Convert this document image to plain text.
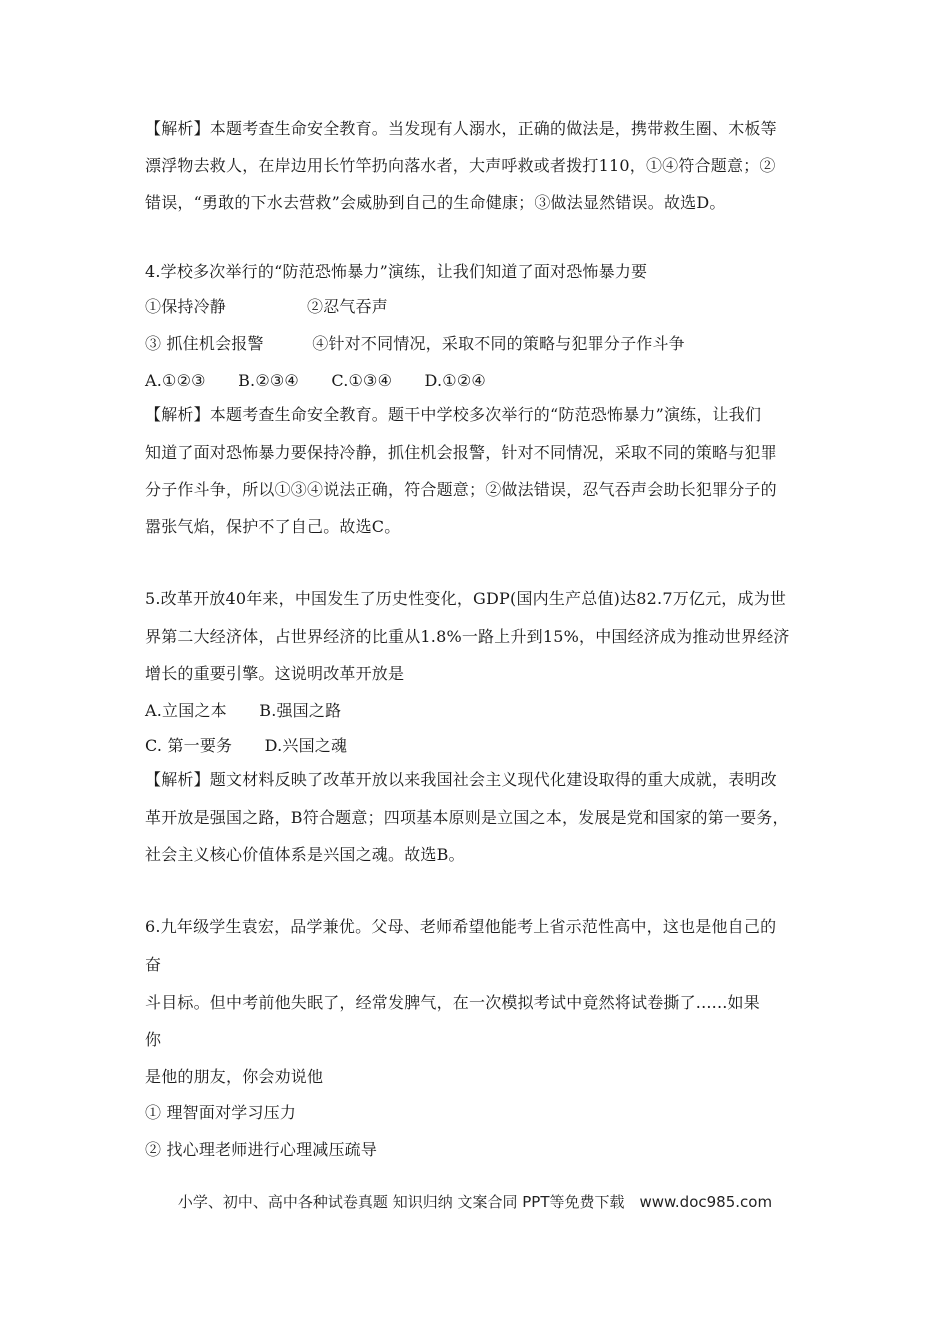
【解析】本题考查生命安全教育。当发现有人溺水，正确的做法是，携带救生圈、木板等
漂浮物去救人，在岸边用长竹竿扔向落水者，大声呼救或者拨打110，①④符合题意；②
错误，“勇敢的下水去营救”会威胁到自己的生命健康；③做法显然错误。故选D。
4.学校多次举行的“防范恐怖暴力”演练，让我们知道了面对恐怖暴力要
①保持冷静　　　　　②忍气吞声
③ 抓住机会报警　　　④针对不同情况，采取不同的策略与犯罪分子作斗争
A.①②③　　B.②③④　　C.①③④　　D.①②④
【解析】本题考查生命安全教育。题干中学校多次举行的“防范恐怖暴力”演练，让我们
知道了面对恐怖暴力要保持冷静，抓住机会报警，针对不同情况，采取不同的策略与犯罪
分子作斗争，所以①③④说法正确，符合题意；②做法错误，忍气吞声会助长犯罪分子的
嚣张气焰，保护不了自己。故选C。
5.改革开放40年来，中国发生了历史性变化，GDP(国内生产总值)达82.7万亿元，成为世
界第二大经济体，占世界经济的比重从1.8%一路上升到15%，中国经济成为推动世界经济
增长的重要引擎。这说明改革开放是
A.立国之本　　B.强国之路
C. 第一要务　　D.兴国之魂
【解析】题文材料反映了改革开放以来我国社会主义现代化建设取得的重大成就，表明改
革开放是强国之路，B符合题意；四项基本原则是立国之本，发展是党和国家的第一要务，
社会主义核心价值体系是兴国之魂。故选B。
6.九年级学生袁宏，品学兼优。父母、老师希望他能考上省示范性高中，这也是他自己的
奋
斗目标。但中考前他失眠了，经常发脾气，在一次模拟考试中竟然将试卷撕了......如果
你
是他的朋友，你会劝说他
① 理智面对学习压力
② 找心理老师进行心理减压疏导
小学、初中、高中各种试卷真题 知识归纳 文案合同 PPT等免费下载　www.doc985.com
